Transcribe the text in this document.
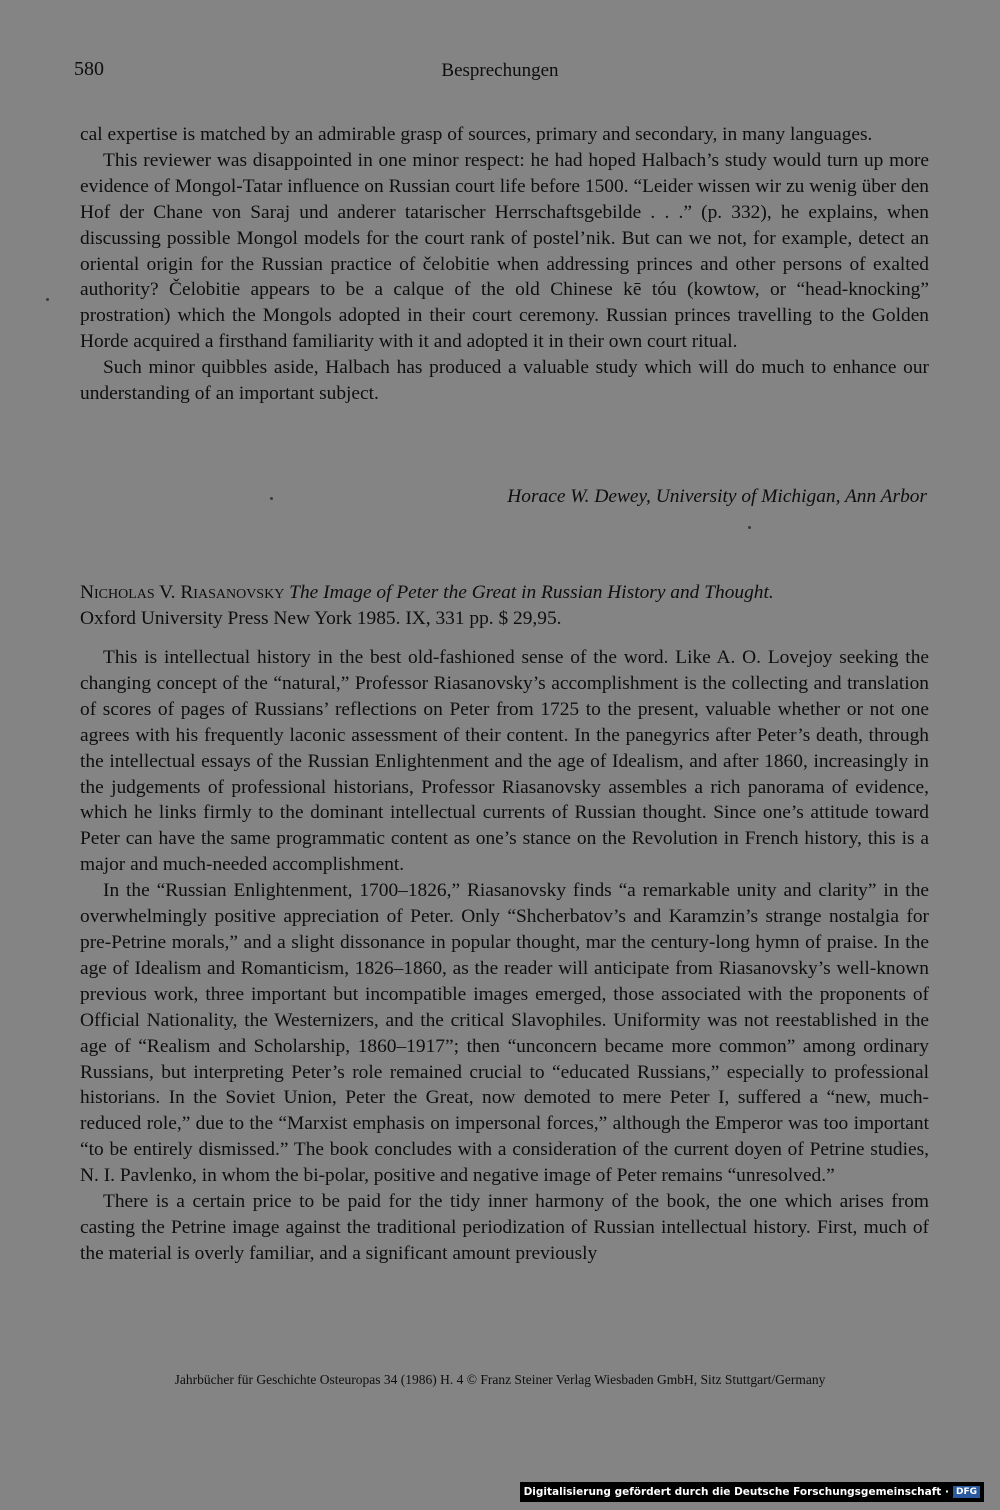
580	Besprechungen

cal expertise is matched by an admirable grasp of sources, primary and secondary, in many languages.

This reviewer was disappointed in one minor respect: he had hoped Halbach’s study would turn up more evidence of Mongol-Tatar influence on Russian court life before 1500. “Leider wissen wir zu wenig über den Hof der Chane von Saraj und anderer tatarischer Herrschaftsgebilde . . .” (p. 332), he explains, when discussing possible Mongol models for the court rank of postel’nik. But can we not, for example, detect an oriental origin for the Russian practice of čelobitie when addressing princes and other persons of exalted authority? Čelobitie appears to be a calque of the old Chinese kē tóu (kowtow, or “head-knocking” prostration) which the Mongols adopted in their court ceremony. Russian princes travelling to the Golden Horde acquired a firsthand familiarity with it and adopted it in their own court ritual.

Such minor quibbles aside, Halbach has produced a valuable study which will do much to enhance our understanding of an important subject.

Horace W. Dewey, University of Michigan, Ann Arbor
Nicholas V. Riasanovsky The Image of Peter the Great in Russian History and Thought.
Oxford University Press New York 1985. IX, 331 pp. $ 29,95.

This is intellectual history in the best old-fashioned sense of the word. Like A. O. Lovejoy seeking the changing concept of the “natural,” Professor Riasanovsky’s accomplishment is the collecting and translation of scores of pages of Russians’ reflections on Peter from 1725 to the present, valuable whether or not one agrees with his frequently laconic assessment of their content. In the panegyrics after Peter’s death, through the intellectual essays of the Russian Enlightenment and the age of Idealism, and after 1860, increasingly in the judgements of professional historians, Professor Riasanovsky assembles a rich panorama of evidence, which he links firmly to the dominant intellectual currents of Russian thought. Since one’s attitude toward Peter can have the same programmatic content as one’s stance on the Revolution in French history, this is a major and much-needed accomplishment.

In the “Russian Enlightenment, 1700–1826,” Riasanovsky finds “a remarkable unity and clarity” in the overwhelmingly positive appreciation of Peter. Only “Shcherbatov’s and Karamzin’s strange nostalgia for pre-Petrine morals,” and a slight dissonance in popular thought, mar the century-long hymn of praise. In the age of Idealism and Romanticism, 1826–1860, as the reader will anticipate from Riasanovsky’s well-known previous work, three important but incompatible images emerged, those associated with the proponents of Official Nationality, the Westernizers, and the critical Slavophiles. Uniformity was not reestablished in the age of “Realism and Scholarship, 1860–1917”; then “unconcern became more common” among ordinary Russians, but interpreting Peter’s role remained crucial to “educated Russians,” especially to professional historians. In the Soviet Union, Peter the Great, now demoted to mere Peter I, suffered a “new, much-reduced role,” due to the “Marxist emphasis on impersonal forces,” although the Emperor was too important “to be entirely dismissed.” The book concludes with a consideration of the current doyen of Petrine studies, N. I. Pavlenko, in whom the bi-polar, positive and negative image of Peter remains “unresolved.”

There is a certain price to be paid for the tidy inner harmony of the book, the one which arises from casting the Petrine image against the traditional periodization of Russian intellectual history. First, much of the material is overly familiar, and a significant amount previously

Jahrbücher für Geschichte Osteuropas 34 (1986) H. 4 © Franz Steiner Verlag Wiesbaden GmbH, Sitz Stuttgart/Germany
Digitalisierung gefördert durch die Deutsche Forschungsgemeinschaft · DFG
